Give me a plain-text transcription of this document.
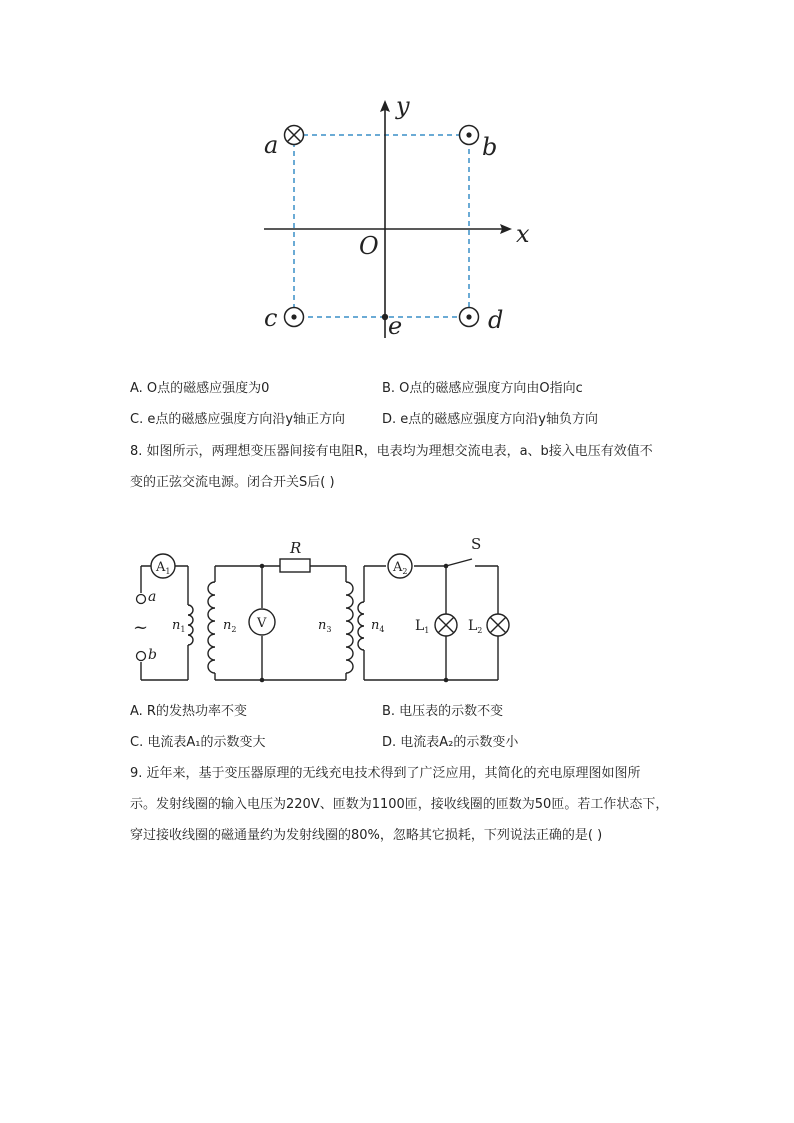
y
x
O
a	b
c	d
e
A. O点的磁感应强度为0	B. O点的磁感应强度方向由O指向c
C. e点的磁感应强度方向沿y轴正方向	D. e点的磁感应强度方向沿y轴负方向
8. 如图所示，两理想变压器间接有电阻R，电表均为理想交流电表，a、b接入电压有效值不
变的正弦交流电源。闭合开关S后( )
R	S
$A_1$	$A_2$
V
a
b
~ $n_1$	$n_2$	$n_3$	$n_4$ $L_1$	$L_2$
A. R的发热功率不变	B. 电压表的示数不变
C. 电流表A₁的示数变大	D. 电流表A₂的示数变小
9. 近年来，基于变压器原理的无线充电技术得到了广泛应用，其简化的充电原理图如图所
示。发射线圈的输入电压为220V、匝数为1100匝，接收线圈的匝数为50匝。若工作状态下，
穿过接收线圈的磁通量约为发射线圈的80%，忽略其它损耗，下列说法正确的是( )
